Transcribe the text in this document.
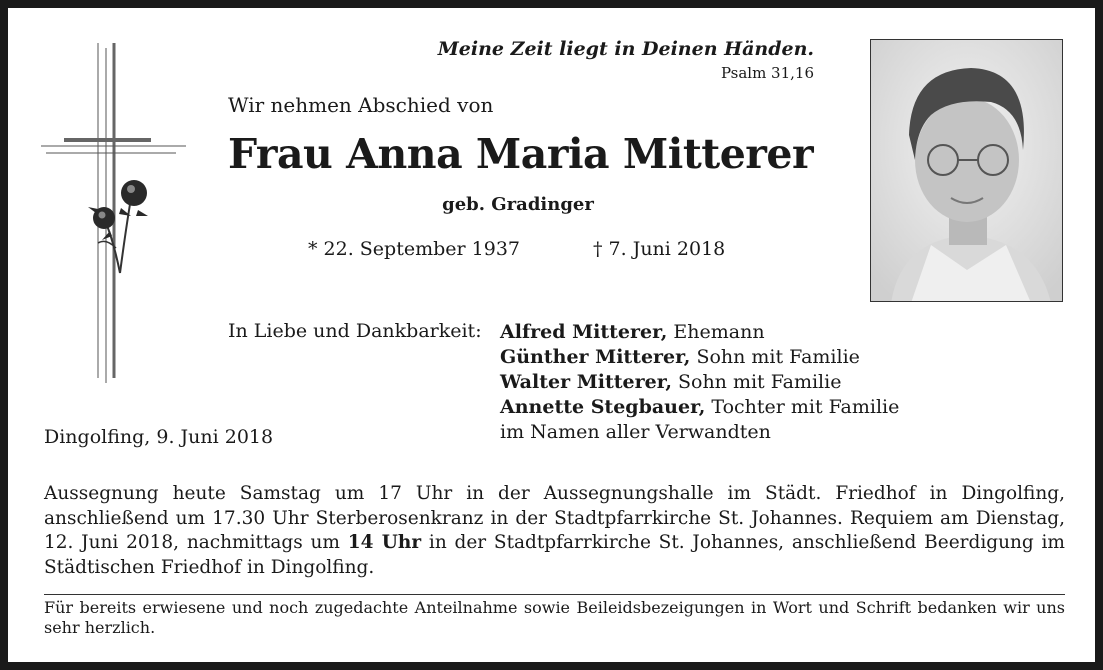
Meine Zeit liegt in Deinen Händen.
Psalm 31,16
Wir nehmen Abschied von
Frau Anna Maria Mitterer
geb. Gradinger
* 22. September 1937	† 7. Juni 2018
In Liebe und Dankbarkeit: Alfred Mitterer, Ehemann
Günther Mitterer, Sohn mit Familie
Walter Mitterer, Sohn mit Familie
Annette Stegbauer, Tochter mit Familie
im Namen aller Verwandten
Dingolfing, 9. Juni 2018
Aussegnung heute Samstag um 17 Uhr in der Aussegnungshalle im Städt. Friedhof in Dingolfing, anschließend um 17.30 Uhr Sterberosenkranz in der Stadtpfarrkirche St. Johannes. Requiem am Dienstag, 12. Juni 2018, nachmittags um 14 Uhr in der Stadtpfarrkirche St. Johannes, anschließend Beerdigung im Städtischen Friedhof in Dingolfing.
Für bereits erwiesene und noch zugedachte Anteilnahme sowie Beileidsbezeigungen in Wort und Schrift bedanken wir uns sehr herzlich.
